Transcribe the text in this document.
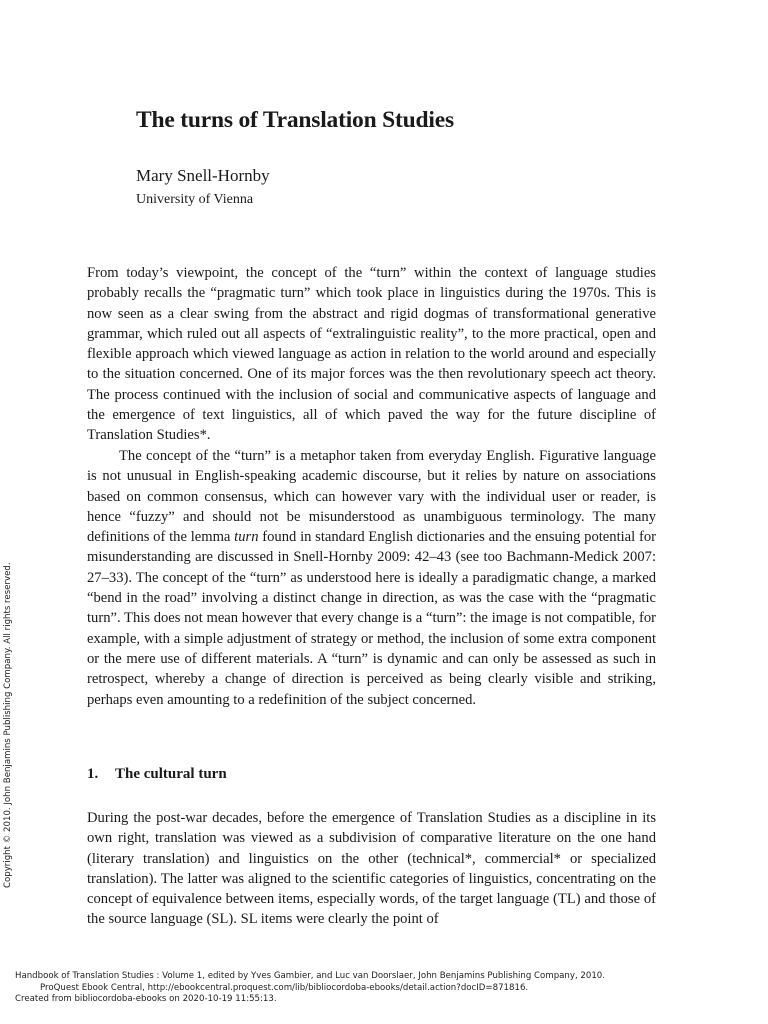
The turns of Translation Studies

Mary Snell-Hornby

University of Vienna

From today’s viewpoint, the concept of the “turn” within the context of language studies probably recalls the “pragmatic turn” which took place in linguistics during the 1970s. This is now seen as a clear swing from the abstract and rigid dogmas of transformational generative grammar, which ruled out all aspects of “extralinguistic reality”, to the more practical, open and flexible approach which viewed language as action in relation to the world around and especially to the situation concerned. One of its major forces was the then revolutionary speech act theory. The process continued with the inclusion of social and communicative aspects of language and the emergence of text linguistics, all of which paved the way for the future discipline of Translation Studies*.

The concept of the “turn” is a metaphor taken from everyday English. Figurative language is not unusual in English-speaking academic discourse, but it relies by nature on associations based on common consensus, which can however vary with the individual user or reader, is hence “fuzzy” and should not be misunderstood as unambiguous terminology. The many definitions of the lemma turn found in standard English dictionaries and the ensuing potential for misunderstanding are discussed in Snell-Hornby 2009: 42–43 (see too Bachmann-Medick 2007: 27–33). The concept of the “turn” as understood here is ideally a paradigmatic change, a marked “bend in the road” involving a distinct change in direction, as was the case with the “pragmatic turn”. This does not mean however that every change is a “turn”: the image is not compatible, for example, with a simple adjustment of strategy or method, the inclusion of some extra component or the mere use of different materials. A “turn” is dynamic and can only be assessed as such in retrospect, whereby a change of direction is perceived as being clearly visible and striking, perhaps even amounting to a redefinition of the subject concerned.

1. The cultural turn

During the post-war decades, before the emergence of Translation Studies as a discipline in its own right, translation was viewed as a subdivision of comparative literature on the one hand (literary translation) and linguistics on the other (technical*, commercial* or specialized translation). The latter was aligned to the scientific categories of linguistics, concentrating on the concept of equivalence between items, especially words, of the target language (TL) and those of the source language (SL). SL items were clearly the point of

Copyright © 2010. John Benjamins Publishing Company. All rights reserved.
Handbook of Translation Studies : Volume 1, edited by Yves Gambier, and Luc van Doorslaer, John Benjamins Publishing Company, 2010.
ProQuest Ebook Central, http://ebookcentral.proquest.com/lib/bibliocordoba-ebooks/detail.action?docID=871816.
Created from bibliocordoba-ebooks on 2020-10-19 11:55:13.
